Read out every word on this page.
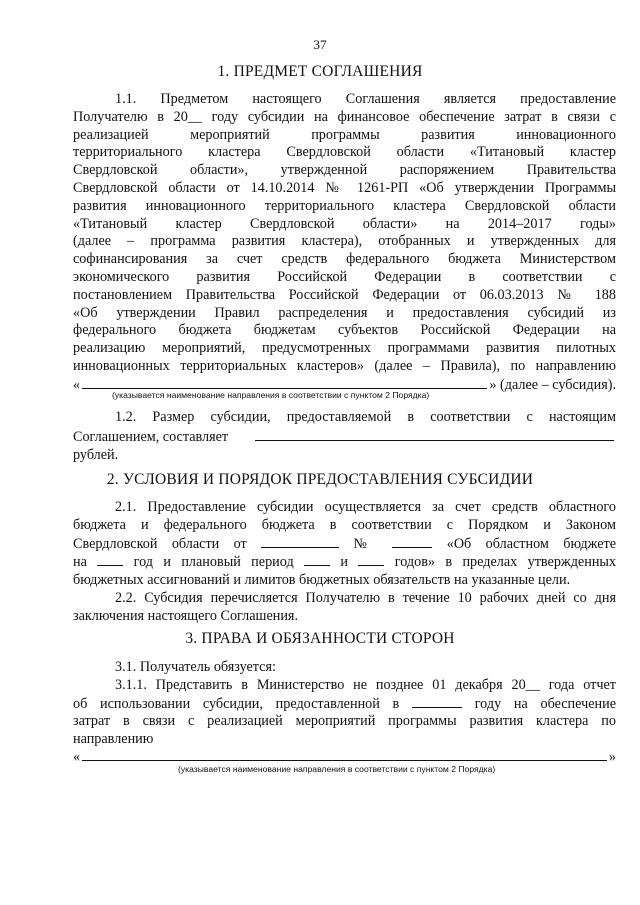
37
1. ПРЕДМЕТ СОГЛАШЕНИЯ

1.1. Предметом настоящего Соглашения является предоставление

Получателю в 20__ году субсидии на финансовое обеспечение затрат в связи с

реализацией мероприятий программы развития инновационного

территориального кластера Свердловской области «Титановый кластер

Свердловской области», утвержденной распоряжением Правительства

Свердловской области от 14.10.2014 № 1261-РП «Об утверждении Программы

развития инновационного территориального кластера Свердловской области

«Титановый кластер Свердловской области» на 2014–2017 годы»

(далее – программа развития кластера), отобранных и утвержденных для

софинансирования за счет средств федерального бюджета Министерством

экономического развития Российской Федерации в соответствии с

постановлением Правительства Российской Федерации от 06.03.2013 № 188

«Об утверждении Правил распределения и предоставления субсидий из

федерального бюджета бюджетам субъектов Российской Федерации на

реализацию мероприятий, предусмотренных программами развития пилотных

инновационных территориальных кластеров» (далее – Правила), по направлению

«	» (далее – субсидия).
(указывается наименование направления в соответствии с пунктом 2 Порядка)

1.2. Размер субсидии, предоставляемой в соответствии с настоящим

Соглашением, составляет

рублей.

2. УСЛОВИЯ И ПОРЯДОК ПРЕДОСТАВЛЕНИЯ СУБСИДИИ

2.1. Предоставление субсидии осуществляется за счет средств областного

бюджета и федерального бюджета в соответствии с Порядком и Законом

Свердловской области от	№	«Об областном бюджете

на	год и плановый период	и	годов» в пределах утвержденных

бюджетных ассигнований и лимитов бюджетных обязательств на указанные цели.

2.2. Субсидия перечисляется Получателю в течение 10 рабочих дней со дня

заключения настоящего Соглашения.

3. ПРАВА И ОБЯЗАННОСТИ СТОРОН

3.1. Получатель обязуется:

3.1.1. Представить в Министерство не позднее 01 декабря 20__ года отчет

об использовании субсидии, предоставленной в	году на обеспечение

затрат в связи с реализацией мероприятий программы развития кластера по

направлению

«	»
(указывается наименование направления в соответствии с пунктом 2 Порядка)
